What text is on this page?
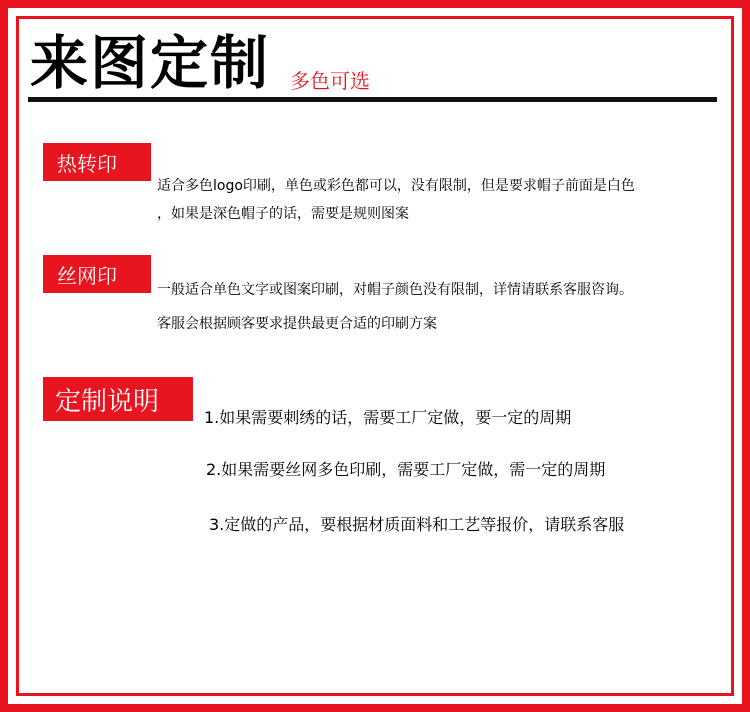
来图定制 多色可选
热转印
适合多色logo印刷，单色或彩色都可以，没有限制，但是要求帽子前面是白色
，如果是深色帽子的话，需要是规则图案
丝网印
一般适合单色文字或图案印刷，对帽子颜色没有限制，详情请联系客服咨询。
客服会根据顾客要求提供最更合适的印刷方案
定制说明
1.如果需要刺绣的话，需要工厂定做，要一定的周期
2.如果需要丝网多色印刷，需要工厂定做，需一定的周期
3.定做的产品，要根据材质面料和工艺等报价，请联系客服
